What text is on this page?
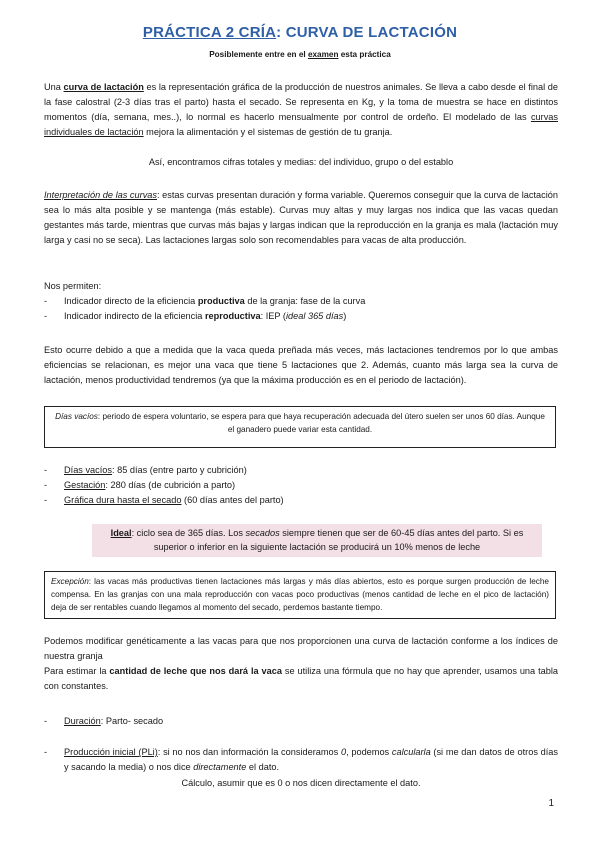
PRÁCTICA 2 CRÍA: CURVA DE LACTACIÓN
Posiblemente entre en el examen esta práctica
Una curva de lactación es la representación gráfica de la producción de nuestros animales. Se lleva a cabo desde el final de la fase calostral (2-3 días tras el parto) hasta el secado. Se representa en Kg, y la toma de muestra se hace en distintos momentos (día, semana, mes..), lo normal es hacerlo mensualmente por control de ordeño. El modelado de las curvas individuales de lactación mejora la alimentación y el sistemas de gestión de tu granja.
Así, encontramos cifras totales y medias: del individuo, grupo o del establo
Interpretación de las curvas: estas curvas presentan duración y forma variable. Queremos conseguir que la curva de lactación sea lo más alta posible y se mantenga (más estable). Curvas muy altas y muy largas nos indica que las vacas quedan gestantes más tarde, mientras que curvas más bajas y largas indican que la reproducción en la granja es mala (lactación muy larga y casi no se seca). Las lactaciones largas solo son recomendables para vacas de alta producción.
Nos permiten:
- Indicador directo de la eficiencia productiva de la granja: fase de la curva
- Indicador indirecto de la eficiencia reproductiva: IEP (ideal 365 días)
Esto ocurre debido a que a medida que la vaca queda preñada más veces, más lactaciones tendremos por lo que ambas eficiencias se relacionan, es mejor una vaca que tiene 5 lactaciones que 2. Además, cuanto más larga sea la curva de lactación, menos productividad tendremos (ya que la máxima producción es en el periodo de lactación).
Días vacíos: periodo de espera voluntario, se espera para que haya recuperación adecuada del útero suelen ser unos 60 días. Aunque el ganadero puede variar esta cantidad.
- Días vacíos: 85 días (entre parto y cubrición)
- Gestación: 280 días (de cubrición a parto)
- Gráfica dura hasta el secado (60 días antes del parto)
Ideal: ciclo sea de 365 días. Los secados siempre tienen que ser de 60-45 días antes del parto. Si es superior o inferior en la siguiente lactación se producirá un 10% menos de leche
Excepción: las vacas más productivas tienen lactaciones más largas y más días abiertos, esto es porque surgen producción de leche compensa. En las granjas con una mala reproducción con vacas poco productivas (menos cantidad de leche en el pico de lactación) deja de ser rentables cuando llegamos al momento del secado, perdemos bastante tiempo.
Podemos modificar genéticamente a las vacas para que nos proporcionen una curva de lactación conforme a los índices de nuestra granja
Para estimar la cantidad de leche que nos dará la vaca se utiliza una fórmula que no hay que aprender, usamos una tabla con constantes.
- Duración: Parto- secado
- Producción inicial (PLi): si no nos dan información la consideramos 0, podemos calcularla (si me dan datos de otros días y sacando la media) o nos dice directamente el dato.
Cálculo, asumir que es 0 o nos dicen directamente el dato.
1
